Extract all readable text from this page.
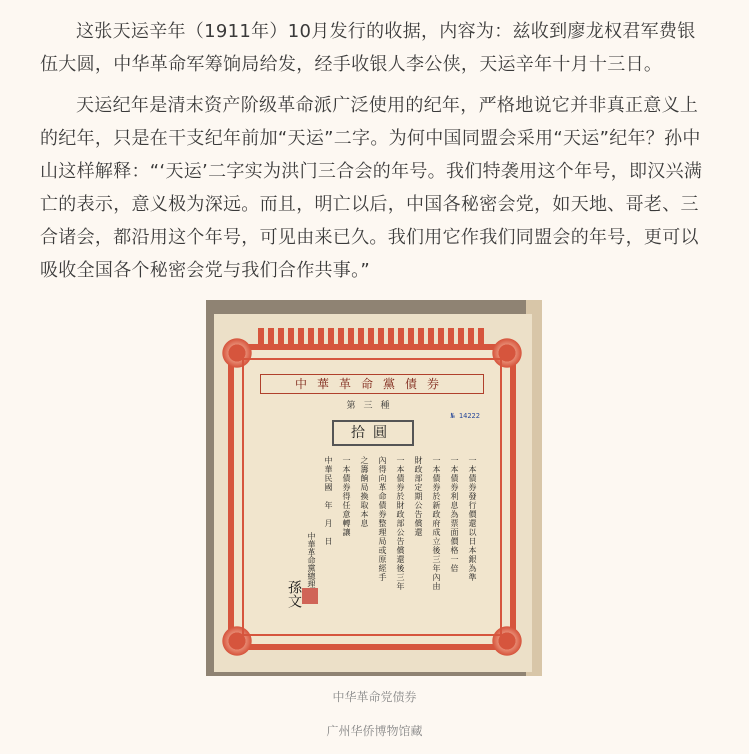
这张天运辛年（1911年）10月发行的收据，内容为：兹收到廖龙权君军费银伍大圆，中华革命军筹饷局给发，经手收银人李公侠，天运辛年十月十三日。

天运纪年是清末资产阶级革命派广泛使用的纪年，严格地说它并非真正意义上的纪年，只是在干支纪年前加“天运”二字。为何中国同盟会采用“天运”纪年？孙中山这样解释：“‘天运’二字实为洪门三合会的年号。我们特袭用这个年号，即汉兴满亡的表示，意义极为深远。而且，明亡以后，中国各秘密会党，如天地、哥老、三合诸会，都沿用这个年号，可见由来已久。我们用它作我们同盟会的年号，更可以吸收全国各个秘密会党与我们合作共事。”

中華革命黨債券
第三種
№ 14222
拾圓
一本債券發行價還以日本銀為準
一本債券利息為票面價格一倍
一本債券於新政府成立後三年內由
財政部定期公告償還
一本債券於財政部公告償還後三年
內得向革命債券整理局或原經手
之籌餉局換取本息
一本債券得任意轉讓
中華民國　年　月　日
中華革命黨總理
孫文
中华革命党债券
广州华侨博物馆藏
